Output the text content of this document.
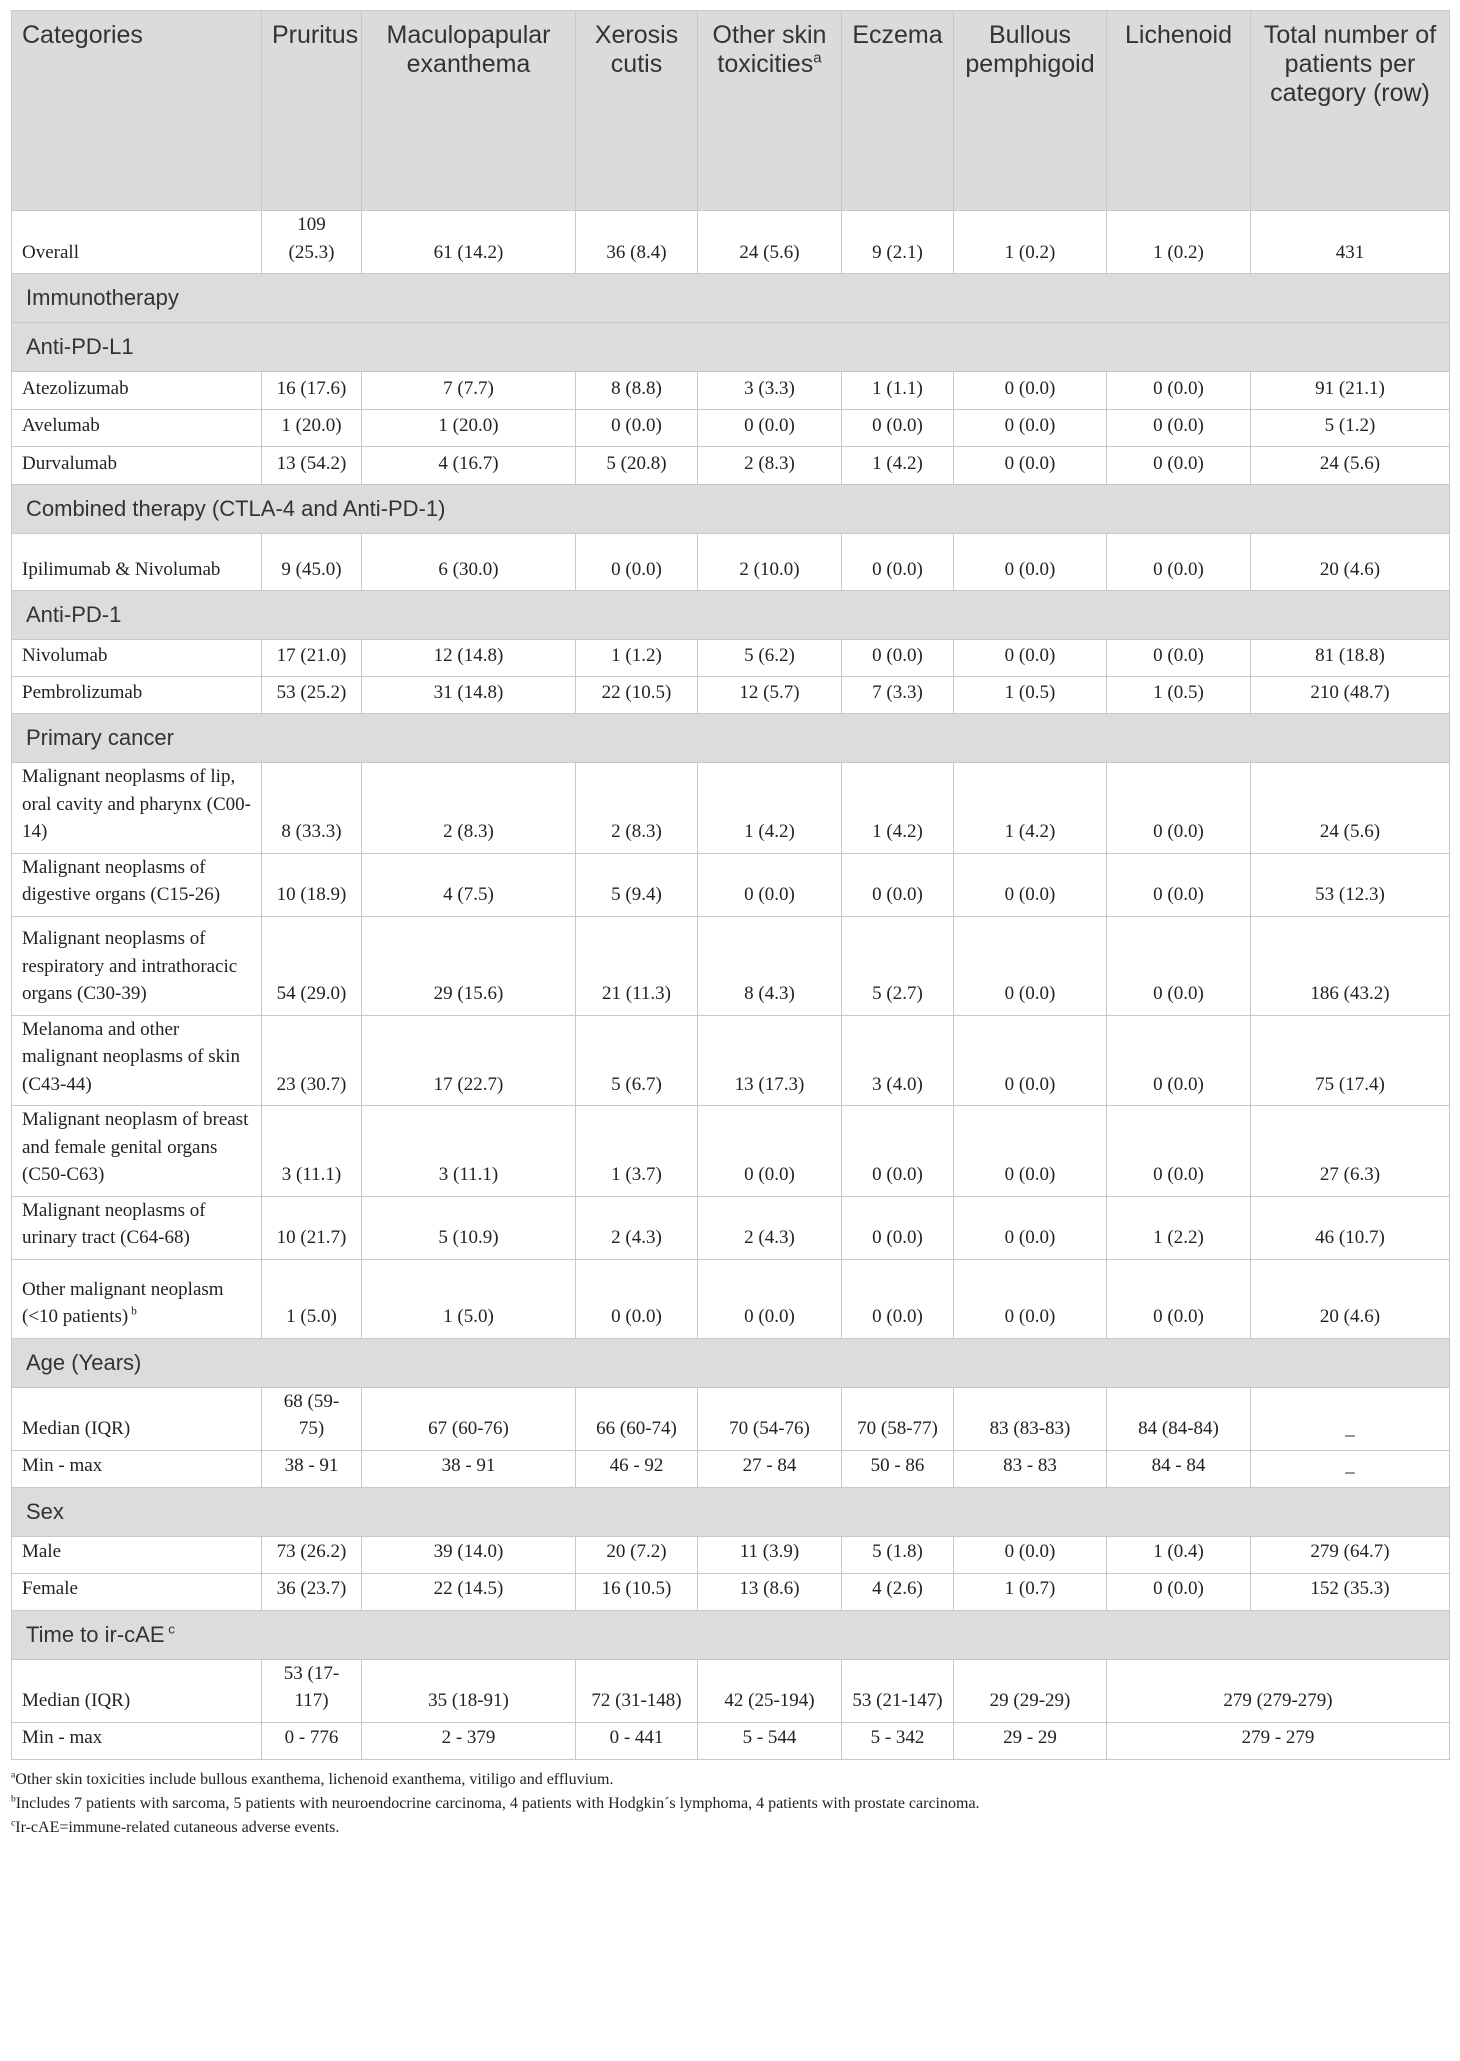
Categories	Pruritus	Maculopapular exanthema	Xerosis cutis	Other skin toxicities$^a$	Eczema	Bullous pemphigoid	Lichenoid	Total number of patients per category (row)
Overall	109 (25.3)	61 (14.2)	36 (8.4)	24 (5.6)	9 (2.1)	1 (0.2)	1 (0.2)	431
Immunotherapy								
Anti-PD-L1								
Atezolizumab	16 (17.6)	7 (7.7)	8 (8.8)	3 (3.3)	1 (1.1)	0 (0.0)	0 (0.0)	91 (21.1)
Avelumab	1 (20.0)	1 (20.0)	0 (0.0)	0 (0.0)	0 (0.0)	0 (0.0)	0 (0.0)	5 (1.2)
Durvalumab	13 (54.2)	4 (16.7)	5 (20.8)	2 (8.3)	1 (4.2)	0 (0.0)	0 (0.0)	24 (5.6)
Combined therapy (CTLA-4 and Anti-PD-1)								
Ipilimumab & Nivolumab	9 (45.0)	6 (30.0)	0 (0.0)	2 (10.0)	0 (0.0)	0 (0.0)	0 (0.0)	20 (4.6)
Anti-PD-1								
Nivolumab	17 (21.0)	12 (14.8)	1 (1.2)	5 (6.2)	0 (0.0)	0 (0.0)	0 (0.0)	81 (18.8)
Pembrolizumab	53 (25.2)	31 (14.8)	22 (10.5)	12 (5.7)	7 (3.3)	1 (0.5)	1 (0.5)	210 (48.7)
Primary cancer								
Malignant neoplasms of lip, oral cavity and pharynx (C00-14)	8 (33.3)	2 (8.3)	2 (8.3)	1 (4.2)	1 (4.2)	1 (4.2)	0 (0.0)	24 (5.6)
Malignant neoplasms of digestive organs (C15-26)	10 (18.9)	4 (7.5)	5 (9.4)	0 (0.0)	0 (0.0)	0 (0.0)	0 (0.0)	53 (12.3)
Malignant neoplasms of respiratory and intrathoracic organs (C30-39)	54 (29.0)	29 (15.6)	21 (11.3)	8 (4.3)	5 (2.7)	0 (0.0)	0 (0.0)	186 (43.2)
Melanoma and other malignant neoplasms of skin (C43-44)	23 (30.7)	17 (22.7)	5 (6.7)	13 (17.3)	3 (4.0)	0 (0.0)	0 (0.0)	75 (17.4)
Malignant neoplasm of breast and female genital organs (C50-C63)	3 (11.1)	3 (11.1)	1 (3.7)	0 (0.0)	0 (0.0)	0 (0.0)	0 (0.0)	27 (6.3)
Malignant neoplasms of urinary tract (C64-68)	10 (21.7)	5 (10.9)	2 (4.3)	2 (4.3)	0 (0.0)	0 (0.0)	1 (2.2)	46 (10.7)
Other malignant neoplasm (<10 patients) $^b$	1 (5.0)	1 (5.0)	0 (0.0)	0 (0.0)	0 (0.0)	0 (0.0)	0 (0.0)	20 (4.6)
Age (Years)								
Median (IQR)	68 (59-75)	67 (60-76)	66 (60-74)	70 (54-76)	70 (58-77)	83 (83-83)	84 (84-84)	_
Min - max	38 - 91	38 - 91	46 - 92	27 - 84	50 - 86	83 - 83	84 - 84	_
Sex								
Male	73 (26.2)	39 (14.0)	20 (7.2)	11 (3.9)	5 (1.8)	0 (0.0)	1 (0.4)	279 (64.7)
Female	36 (23.7)	22 (14.5)	16 (10.5)	13 (8.6)	4 (2.6)	1 (0.7)	0 (0.0)	152 (35.3)
Time to ir-cAE $^c$
Median (IQR)	53 (17-117)	35 (18-91)	72 (31-148)	42 (25-194)	53 (21-147)	29 (29-29)	279 (279-279)	
Min - max	0 - 776	2 - 379	0 - 441	5 - 544	5 - 342	29 - 29	279 - 279	

$^a$Other skin toxicities include bullous exanthema, lichenoid exanthema, vitiligo and effluvium.

$^b$Includes 7 patients with sarcoma, 5 patients with neuroendocrine carcinoma, 4 patients with Hodgkin´s lymphoma, 4 patients with prostate carcinoma.

$^c$Ir-cAE=immune-related cutaneous adverse events.
